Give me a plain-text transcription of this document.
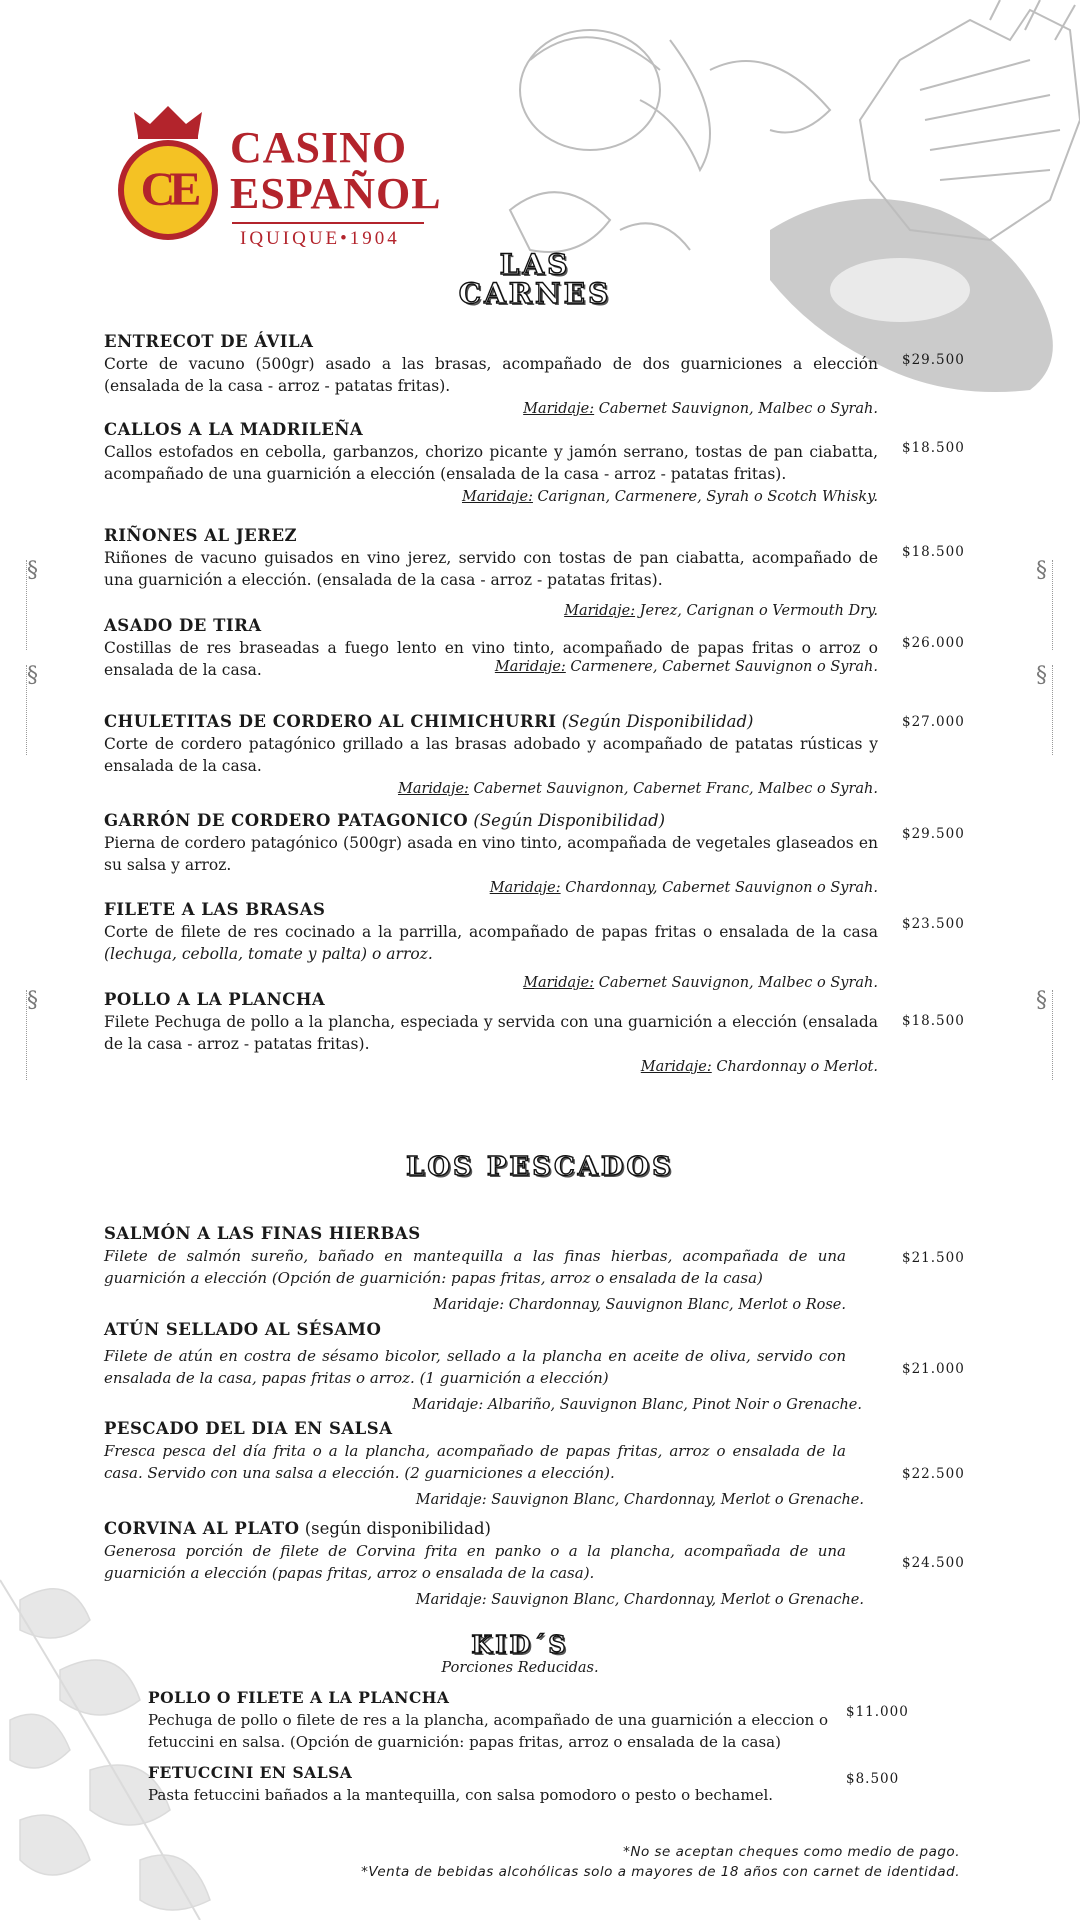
§
§
§
§
§
§
CE
CASINO
ESPAÑOL
IQUIQUE•1904
LAS
CARNES
ENTRECOT DE ÁVILA
Corte de vacuno (500gr) asado a las brasas, acompañado de dos guarniciones a elección (ensalada de la casa - arroz - patatas fritas).
Maridaje: Cabernet Sauvignon, Malbec o Syrah.
$29.500
CALLOS A LA MADRILEÑA
Callos estofados en cebolla, garbanzos, chorizo picante y jamón serrano, tostas de pan ciabatta, acompañado de una guarnición a elección (ensalada de la casa - arroz - patatas fritas).
Maridaje: Carignan, Carmenere, Syrah o Scotch Whisky.
$18.500
RIÑONES AL JEREZ
Riñones de vacuno guisados en vino jerez, servido con tostas de pan ciabatta, acompañado de una guarnición a elección. (ensalada de la casa - arroz - patatas fritas).
Maridaje: Jerez, Carignan o Vermouth Dry.
$18.500
ASADO DE TIRA
Costillas de res braseadas a fuego lento en vino tinto, acompañado de papas fritas o arroz o ensalada de la casa.	Maridaje: Carmenere, Cabernet Sauvignon o Syrah.
$26.000
CHULETITAS DE CORDERO AL CHIMICHURRI (Según Disponibilidad)
Corte de cordero patagónico grillado a las brasas adobado y acompañado de patatas rústicas y ensalada de la casa.
Maridaje: Cabernet Sauvignon, Cabernet Franc, Malbec o Syrah.
$27.000
GARRÓN DE CORDERO PATAGONICO (Según Disponibilidad)
Pierna de cordero patagónico (500gr) asada en vino tinto, acompañada de vegetales glaseados en su salsa y arroz.
Maridaje: Chardonnay, Cabernet Sauvignon o Syrah.
$29.500
FILETE A LAS BRASAS
Corte de filete de res cocinado a la parrilla, acompañado de papas fritas o ensalada de la casa (lechuga, cebolla, tomate y palta) o arroz.
Maridaje: Cabernet Sauvignon, Malbec o Syrah.
$23.500
POLLO A LA PLANCHA
Filete Pechuga de pollo a la plancha, especiada y servida con una guarnición a elección (ensalada de la casa - arroz - patatas fritas).
Maridaje: Chardonnay o Merlot.
$18.500
LOS PESCADOS
SALMÓN A LAS FINAS HIERBAS
Filete de salmón sureño, bañado en mantequilla a las finas hierbas, acompañada de una guarnición a elección (Opción de guarnición: papas fritas, arroz o ensalada de la casa)
Maridaje: Chardonnay, Sauvignon Blanc, Merlot o Rose.
$21.500
ATÚN SELLADO AL SÉSAMO
Filete de atún en costra de sésamo bicolor, sellado a la plancha en aceite de oliva, servido con ensalada de la casa, papas fritas o arroz. (1 guarnición a elección)
Maridaje: Albariño, Sauvignon Blanc, Pinot Noir o Grenache.
$21.000
PESCADO DEL DIA EN SALSA
Fresca pesca del día frita o a la plancha, acompañado de papas fritas, arroz o ensalada de la casa. Servido con una salsa a elección. (2 guarniciones a elección).
Maridaje: Sauvignon Blanc, Chardonnay, Merlot o Grenache.
$22.500
CORVINA AL PLATO (según disponibilidad)
Generosa porción de filete de Corvina frita en panko o a la plancha, acompañada de una guarnición a elección (papas fritas, arroz o ensalada de la casa).
Maridaje: Sauvignon Blanc, Chardonnay, Merlot o Grenache.
$24.500
KID´S
Porciones Reducidas.
POLLO O FILETE A LA PLANCHA
Pechuga de pollo o filete de res a la plancha, acompañado de una guarnición a eleccion o fetuccini en salsa. (Opción de guarnición: papas fritas, arroz o ensalada de la casa)
$11.000
FETUCCINI EN SALSA
Pasta fetuccini bañados a la mantequilla, con salsa pomodoro o pesto o bechamel.
$8.500
*No se aceptan cheques como medio de pago.
*Venta de bebidas alcohólicas solo a mayores de 18 años con carnet de identidad.
